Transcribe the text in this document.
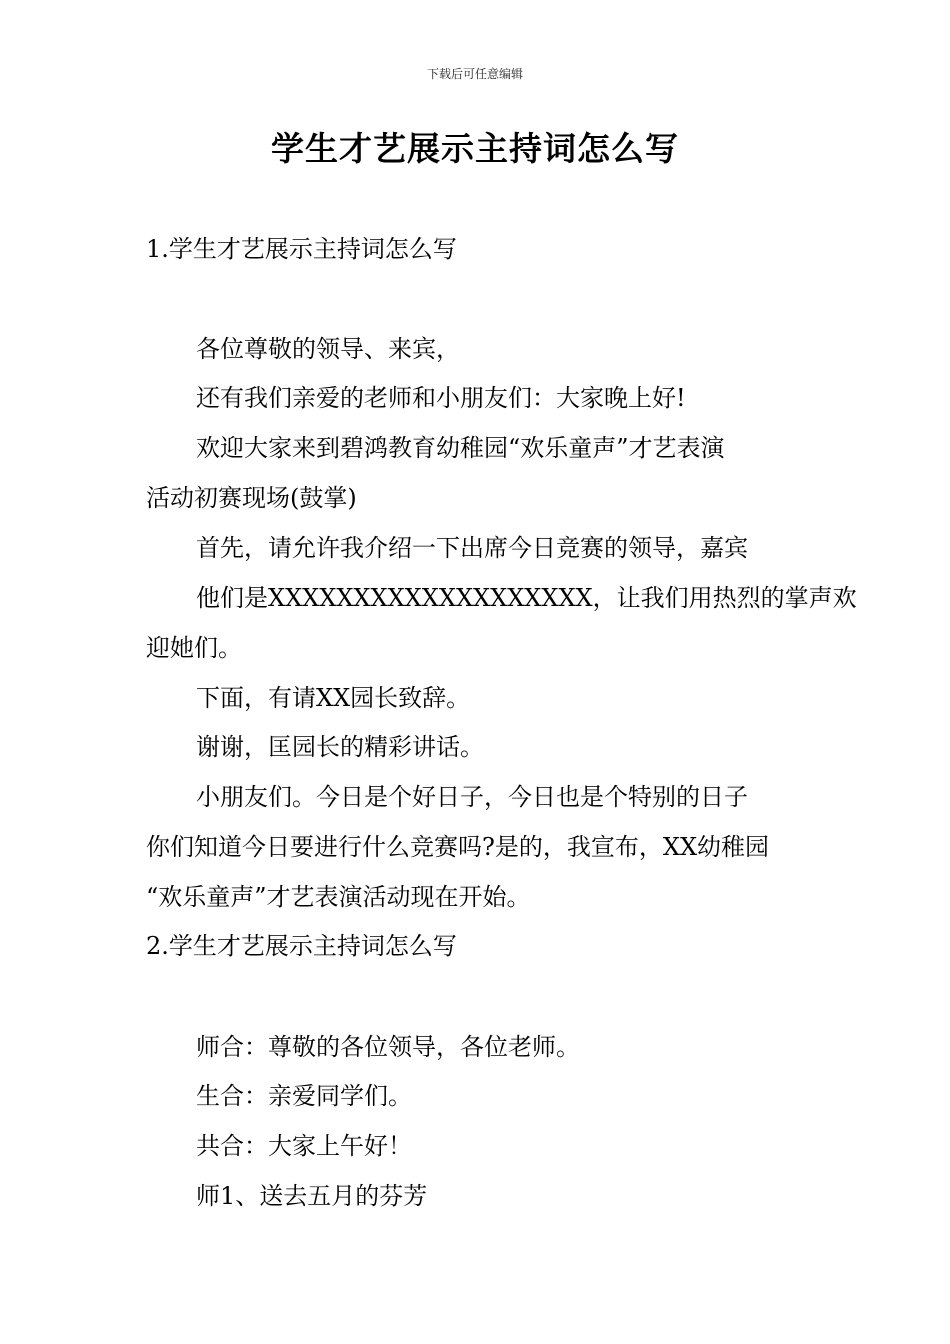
下载后可任意编辑
学生才艺展示主持词怎么写
1.学生才艺展示主持词怎么写
各位尊敬的领导、来宾，
还有我们亲爱的老师和小朋友们：大家晚上好!
欢迎大家来到碧鸿教育幼稚园“欢乐童声”才艺表演
活动初赛现场(鼓掌)
首先，请允许我介绍一下出席今日竞赛的领导，嘉宾
他们是XXXXXXXXXXXXXXXXXXX，让我们用热烈的掌声欢
迎她们。
下面，有请XX园长致辞。
谢谢，匡园长的精彩讲话。
小朋友们。今日是个好日子，今日也是个特别的日子
你们知道今日要进行什么竞赛吗?是的，我宣布，XX幼稚园
“欢乐童声”才艺表演活动现在开始。
2.学生才艺展示主持词怎么写
师合：尊敬的各位领导，各位老师。
生合：亲爱同学们。
共合：大家上午好！
师1、送去五月的芬芳
